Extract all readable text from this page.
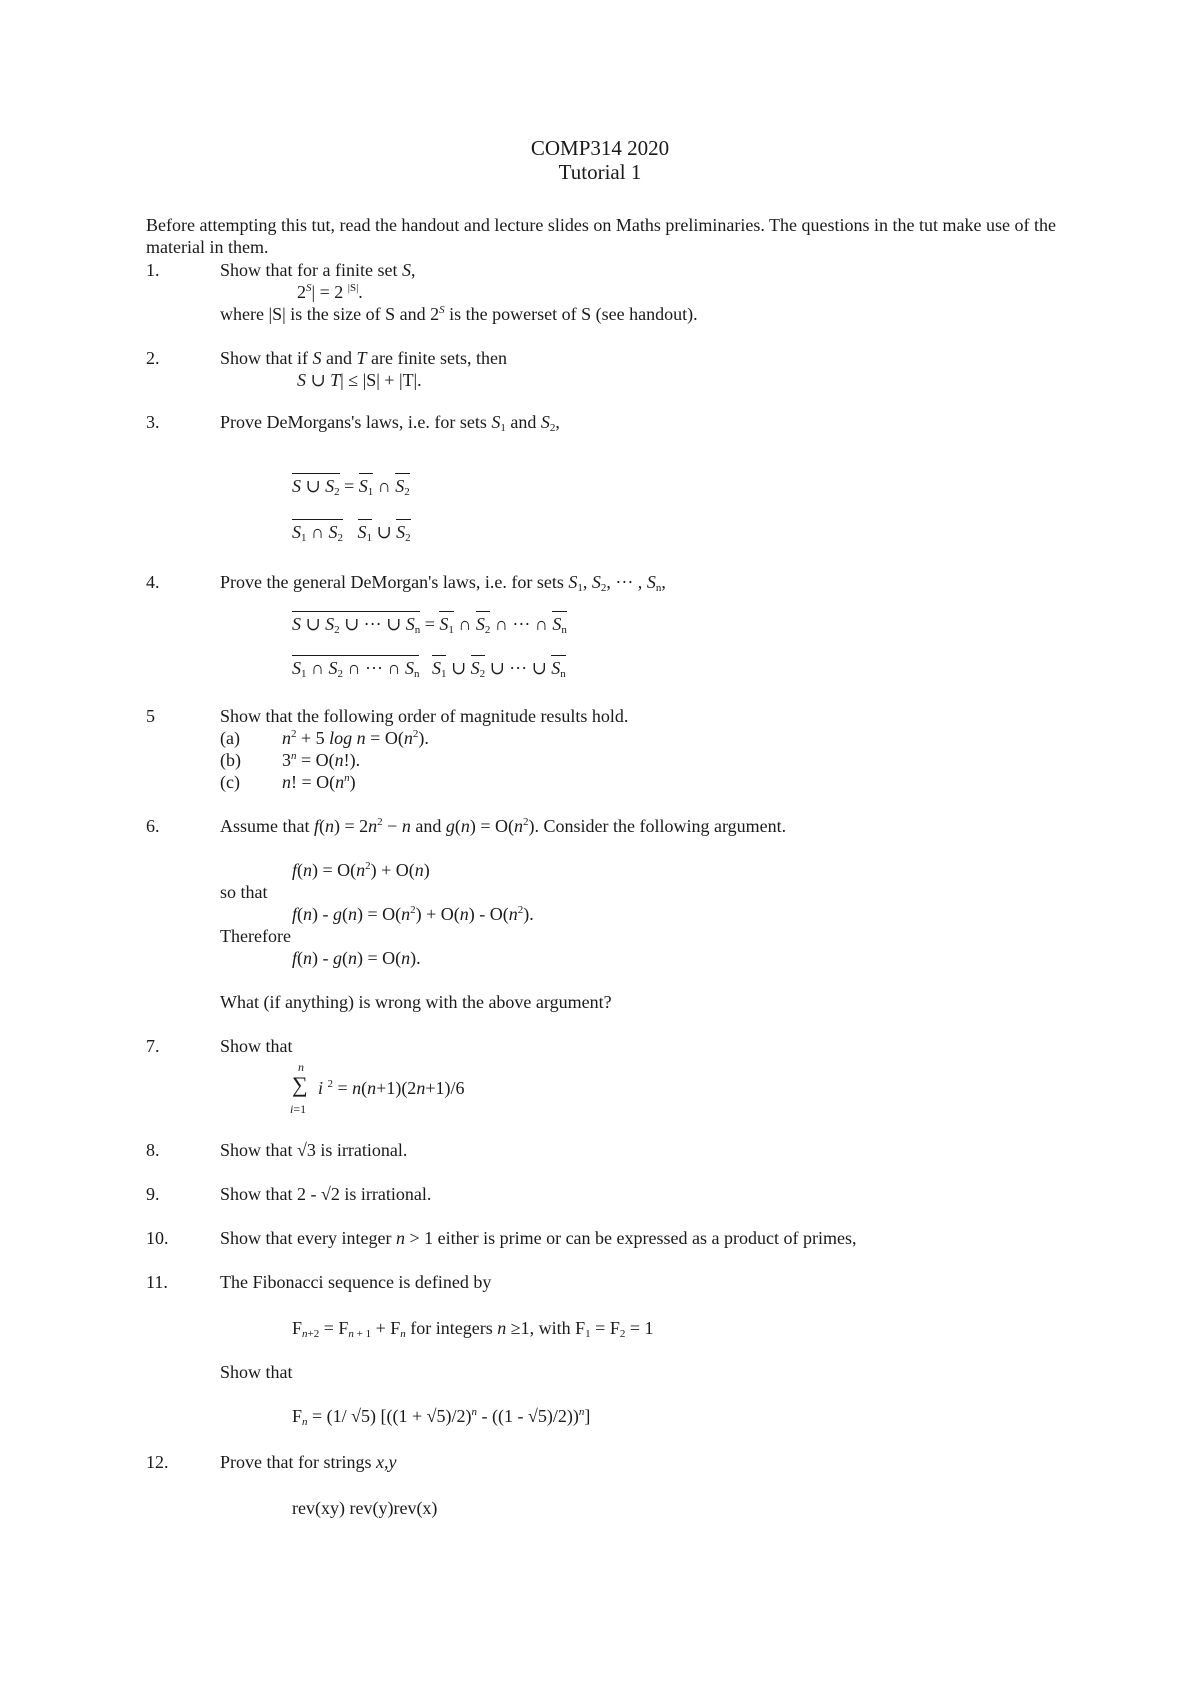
COMP314 2020
Tutorial 1
Before attempting this tut, read the handout and lecture slides on Maths preliminaries. The questions in the tut make use of the material in them.
1.	Show that for a finite set S,
$2^S| = 2$ $^{|S|}$.
where |S| is the size of S and $2^S$ is the powerset of S (see handout).
2.	Show that if S and T are finite sets, then
S ∪ T| ≤ |S| + |T|.
3.	Prove DeMorgans's laws, i.e. for sets $S_1$ and $S_2$,
S ∪ $S_2 = S_1$ ∩ $S_2$
$S_1$ ∩ $S_2$ $S_1$ ∪ $S_2$
4.	Prove the general DeMorgan's laws, i.e. for sets $S_1$, $S_2$, ··· , $S_n$,
S ∪ $S_2$ ∪ ··· ∪ $S_n = S_1$ ∩ $S_2$ ∩ ··· ∩ $S_n$
$S_1$ ∩ $S_2$ ∩ ··· ∩ $S_n$ $S_1$ ∪ $S_2$ ∪ ··· ∪ $S_n$
5	Show that the following order of magnitude results hold.
(a) $n^2 + 5$ $\log n = O(n^2)$.
(b) $3^n = O(n!)$.
(c) n! = $O(n^n)$
6.	Assume that $f(n) = 2n^2 - n$ and $g(n) = O(n^2)$. Consider the following argument.
$f(n) = O(n^2) + O(n)$
so that
$f(n) - g(n) = O(n^2) + O(n) - O(n^2)$.
Therefore
f(n) - g(n) = O(n).
What (if anything) is wrong with the above argument?
7.	Show that
n
∑
i=1
i $^2$ = n(n+1)(2n+1)/6
8.	Show that √3 is irrational.
9.	Show that 2 - √2 is irrational.
10.	Show that every integer n > 1 either is prime or can be expressed as a product of primes,
11.	The Fibonacci sequence is defined by
$F_{n+2} = F_{n + 1} + F_n$ for integers n ≥1, with $F_1 = F_2 = 1$
Show that
$F_n = (1/$ √5) $[((1 + √5)/2)^n - ((1 - √5)/2))^n$]
12.	Prove that for strings x,y
rev(xy) rev(y)rev(x)
